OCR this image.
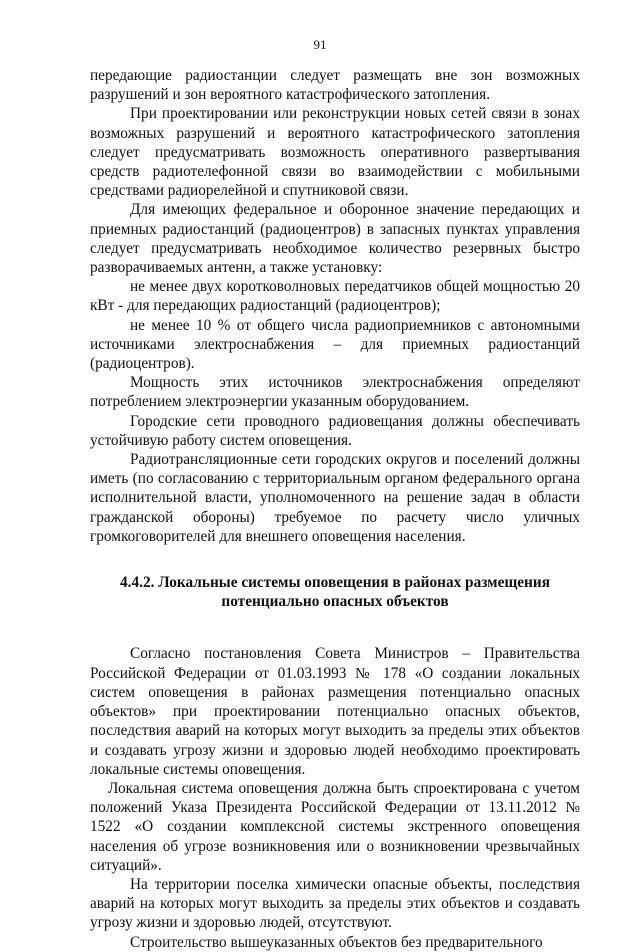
91

передающие радиостанции следует размещать вне зон возможных разрушений и зон вероятного катастрофического затопления.

При проектировании или реконструкции новых сетей связи в зонах возможных разрушений и вероятного катастрофического затопления следует предусматривать возможность оперативного развертывания средств радиотелефонной связи во взаимодействии с мобильными средствами радиорелейной и спутниковой связи.

Для имеющих федеральное и оборонное значение передающих и приемных радиостанций (радиоцентров) в запасных пунктах управления следует предусматривать необходимое количество резервных быстро разворачиваемых антенн, а также установку:

не менее двух коротковолновых передатчиков общей мощностью 20 кВт - для передающих радиостанций (радиоцентров);

не менее 10 % от общего числа радиоприемников с автономными источниками электроснабжения – для приемных радиостанций (радиоцентров).

Мощность этих источников электроснабжения определяют потреблением электроэнергии указанным оборудованием.

Городские сети проводного радиовещания должны обеспечивать устойчивую работу систем оповещения.

Радиотрансляционные сети городских округов и поселений должны иметь (по согласованию с территориальным органом федерального органа исполнительной власти, уполномоченного на решение задач в области гражданской обороны) требуемое по расчету число уличных громкоговорителей для внешнего оповещения населения.

4.4.2. Локальные системы оповещения в районах размещения
потенциально опасных объектов

Согласно постановления Совета Министров – Правительства Российской Федерации от 01.03.1993 № 178 «О создании локальных систем оповещения в районах размещения потенциально опасных объектов» при проектировании потенциально опасных объектов, последствия аварий на которых могут выходить за пределы этих объектов и создавать угрозу жизни и здоровью людей необходимо проектировать локальные системы оповещения.

Локальная система оповещения должна быть спроектирована с учетом положений Указа Президента Российской Федерации от 13.11.2012 № 1522 «О создании комплексной системы экстренного оповещения населения об угрозе возникновения или о возникновении чрезвычайных ситуаций».

На территории поселка химически опасные объекты, последствия аварий на которых могут выходить за пределы этих объектов и создавать угрозу жизни и здоровью людей, отсутствуют.

Строительство вышеуказанных объектов без предварительного
